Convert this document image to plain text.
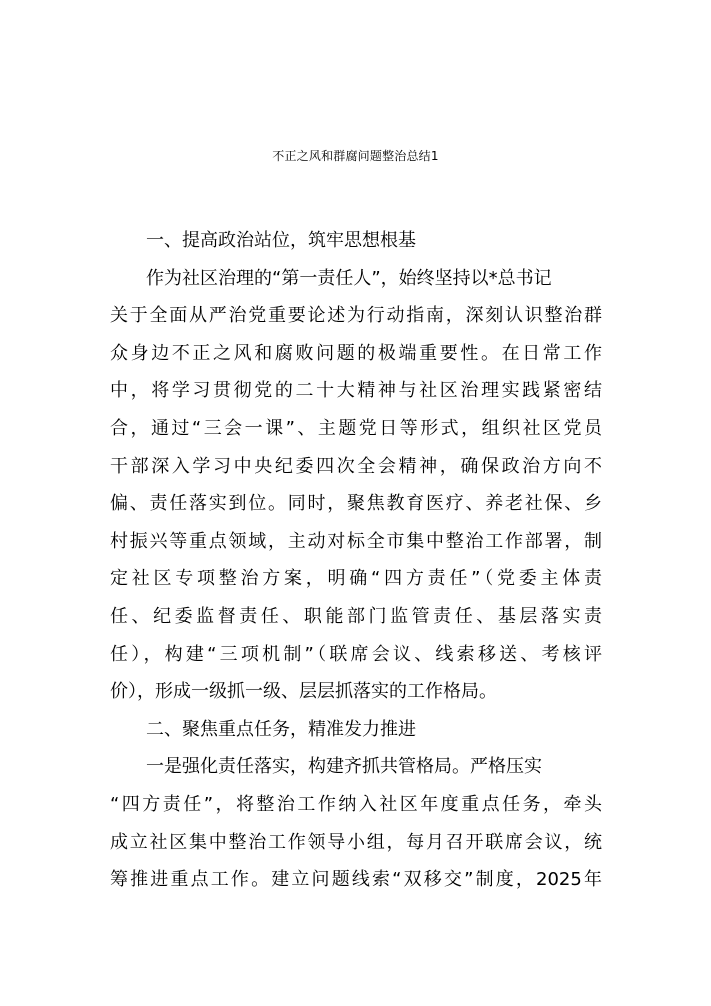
不正之风和群腐问题整治总结1
一、提高政治站位，筑牢思想根基
作为社区治理的“第一责任人”，始终坚持以*总书记
关于全面从严治党重要论述为行动指南，深刻认识整治群
众身边不正之风和腐败问题的极端重要性。在日常工作
中，将学习贯彻党的二十大精神与社区治理实践紧密结
合，通过“三会一课”、主题党日等形式，组织社区党员
干部深入学习中央纪委四次全会精神，确保政治方向不
偏、责任落实到位。同时，聚焦教育医疗、养老社保、乡
村振兴等重点领域，主动对标全市集中整治工作部署，制
定社区专项整治方案，明确“四方责任”（党委主体责
任、纪委监督责任、职能部门监管责任、基层落实责
任），构建“三项机制”（联席会议、线索移送、考核评
价），形成一级抓一级、层层抓落实的工作格局。
二、聚焦重点任务，精准发力推进
一是强化责任落实，构建齐抓共管格局。严格压实
“四方责任”，将整治工作纳入社区年度重点任务，牵头
成立社区集中整治工作领导小组，每月召开联席会议，统
筹推进重点工作。建立问题线索“双移交”制度，2025年
